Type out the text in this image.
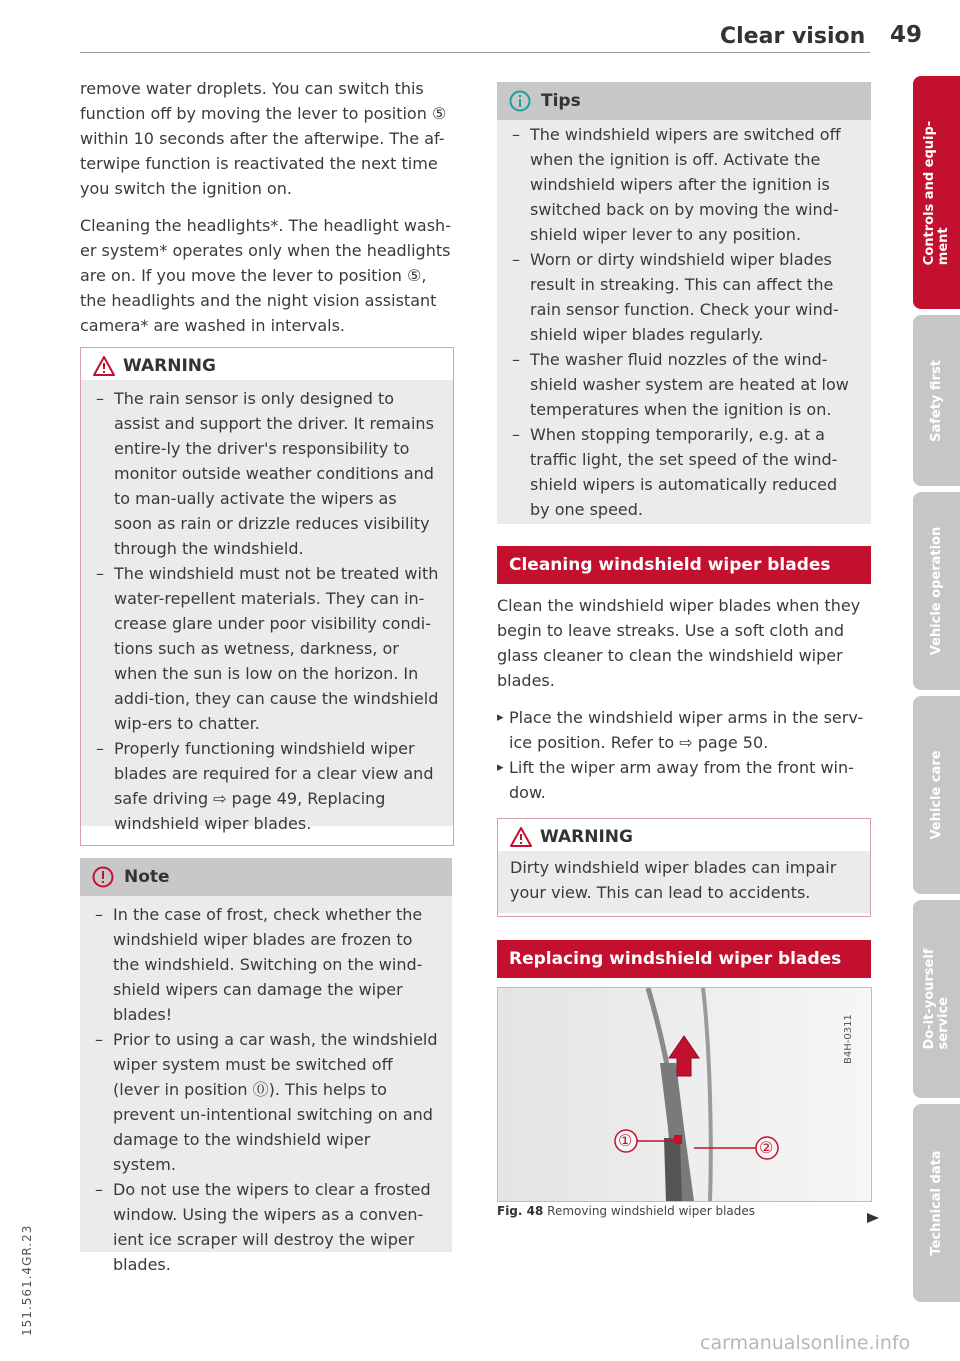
Clear vision 49

remove water droplets. You can switch this function off by moving the lever to position ⑤ within 10 seconds after the afterwipe. The af-terwipe function is reactivated the next time you switch the ignition on.

Cleaning the headlights*. The headlight wash-er system* operates only when the headlights are on. If you move the lever to position ⑤, the headlights and the night vision assistant camera* are washed in intervals.

WARNING
– The rain sensor is only designed to assist and support the driver. It remains entire-ly the driver's responsibility to monitor outside weather conditions and to man-ually activate the wipers as soon as rain or drizzle reduces visibility through the windshield.
– The windshield must not be treated with water-repellent materials. They can in-crease glare under poor visibility condi-tions such as wetness, darkness, or when the sun is low on the horizon. In addi-tion, they can cause the windshield wip-ers to chatter.
– Properly functioning windshield wiper blades are required for a clear view and safe driving ⇨ page 49, Replacing windshield wiper blades.
Note
– In the case of frost, check whether the windshield wiper blades are frozen to the windshield. Switching on the wind-shield wipers can damage the wiper blades!
– Prior to using a car wash, the windshield wiper system must be switched off (lever in position ⓪). This helps to prevent un-intentional switching on and damage to the windshield wiper system.
– Do not use the wipers to clear a frosted window. Using the wipers as a conven-ient ice scraper will destroy the wiper blades.
Tips
– The windshield wipers are switched off when the ignition is off. Activate the windshield wipers after the ignition is switched back on by moving the wind-shield wiper lever to any position.
– Worn or dirty windshield wiper blades result in streaking. This can affect the rain sensor function. Check your wind-shield wiper blades regularly.
– The washer fluid nozzles of the wind-shield washer system are heated at low temperatures when the ignition is on.
– When stopping temporarily, e.g. at a traffic light, the set speed of the wind-shield wipers is automatically reduced by one speed.
Cleaning windshield wiper blades

Clean the windshield wiper blades when they begin to leave streaks. Use a soft cloth and glass cleaner to clean the windshield wiper blades.

▸ Place the windshield wiper arms in the serv-ice position. Refer to ⇨ page 50.
▸ Lift the wiper arm away from the front win-dow.
WARNING
Dirty windshield wiper blades can impair your view. This can lead to accidents.
Replacing windshield wiper blades
①	②
B4H-0311
Fig. 48 Removing windshield wiper blades
Controls and equip-
ment
Safety first
Vehicle operation
Vehicle care
Do-it-yourself
service
Technical data
151.561.4GR.23
carmanualsonline.info
